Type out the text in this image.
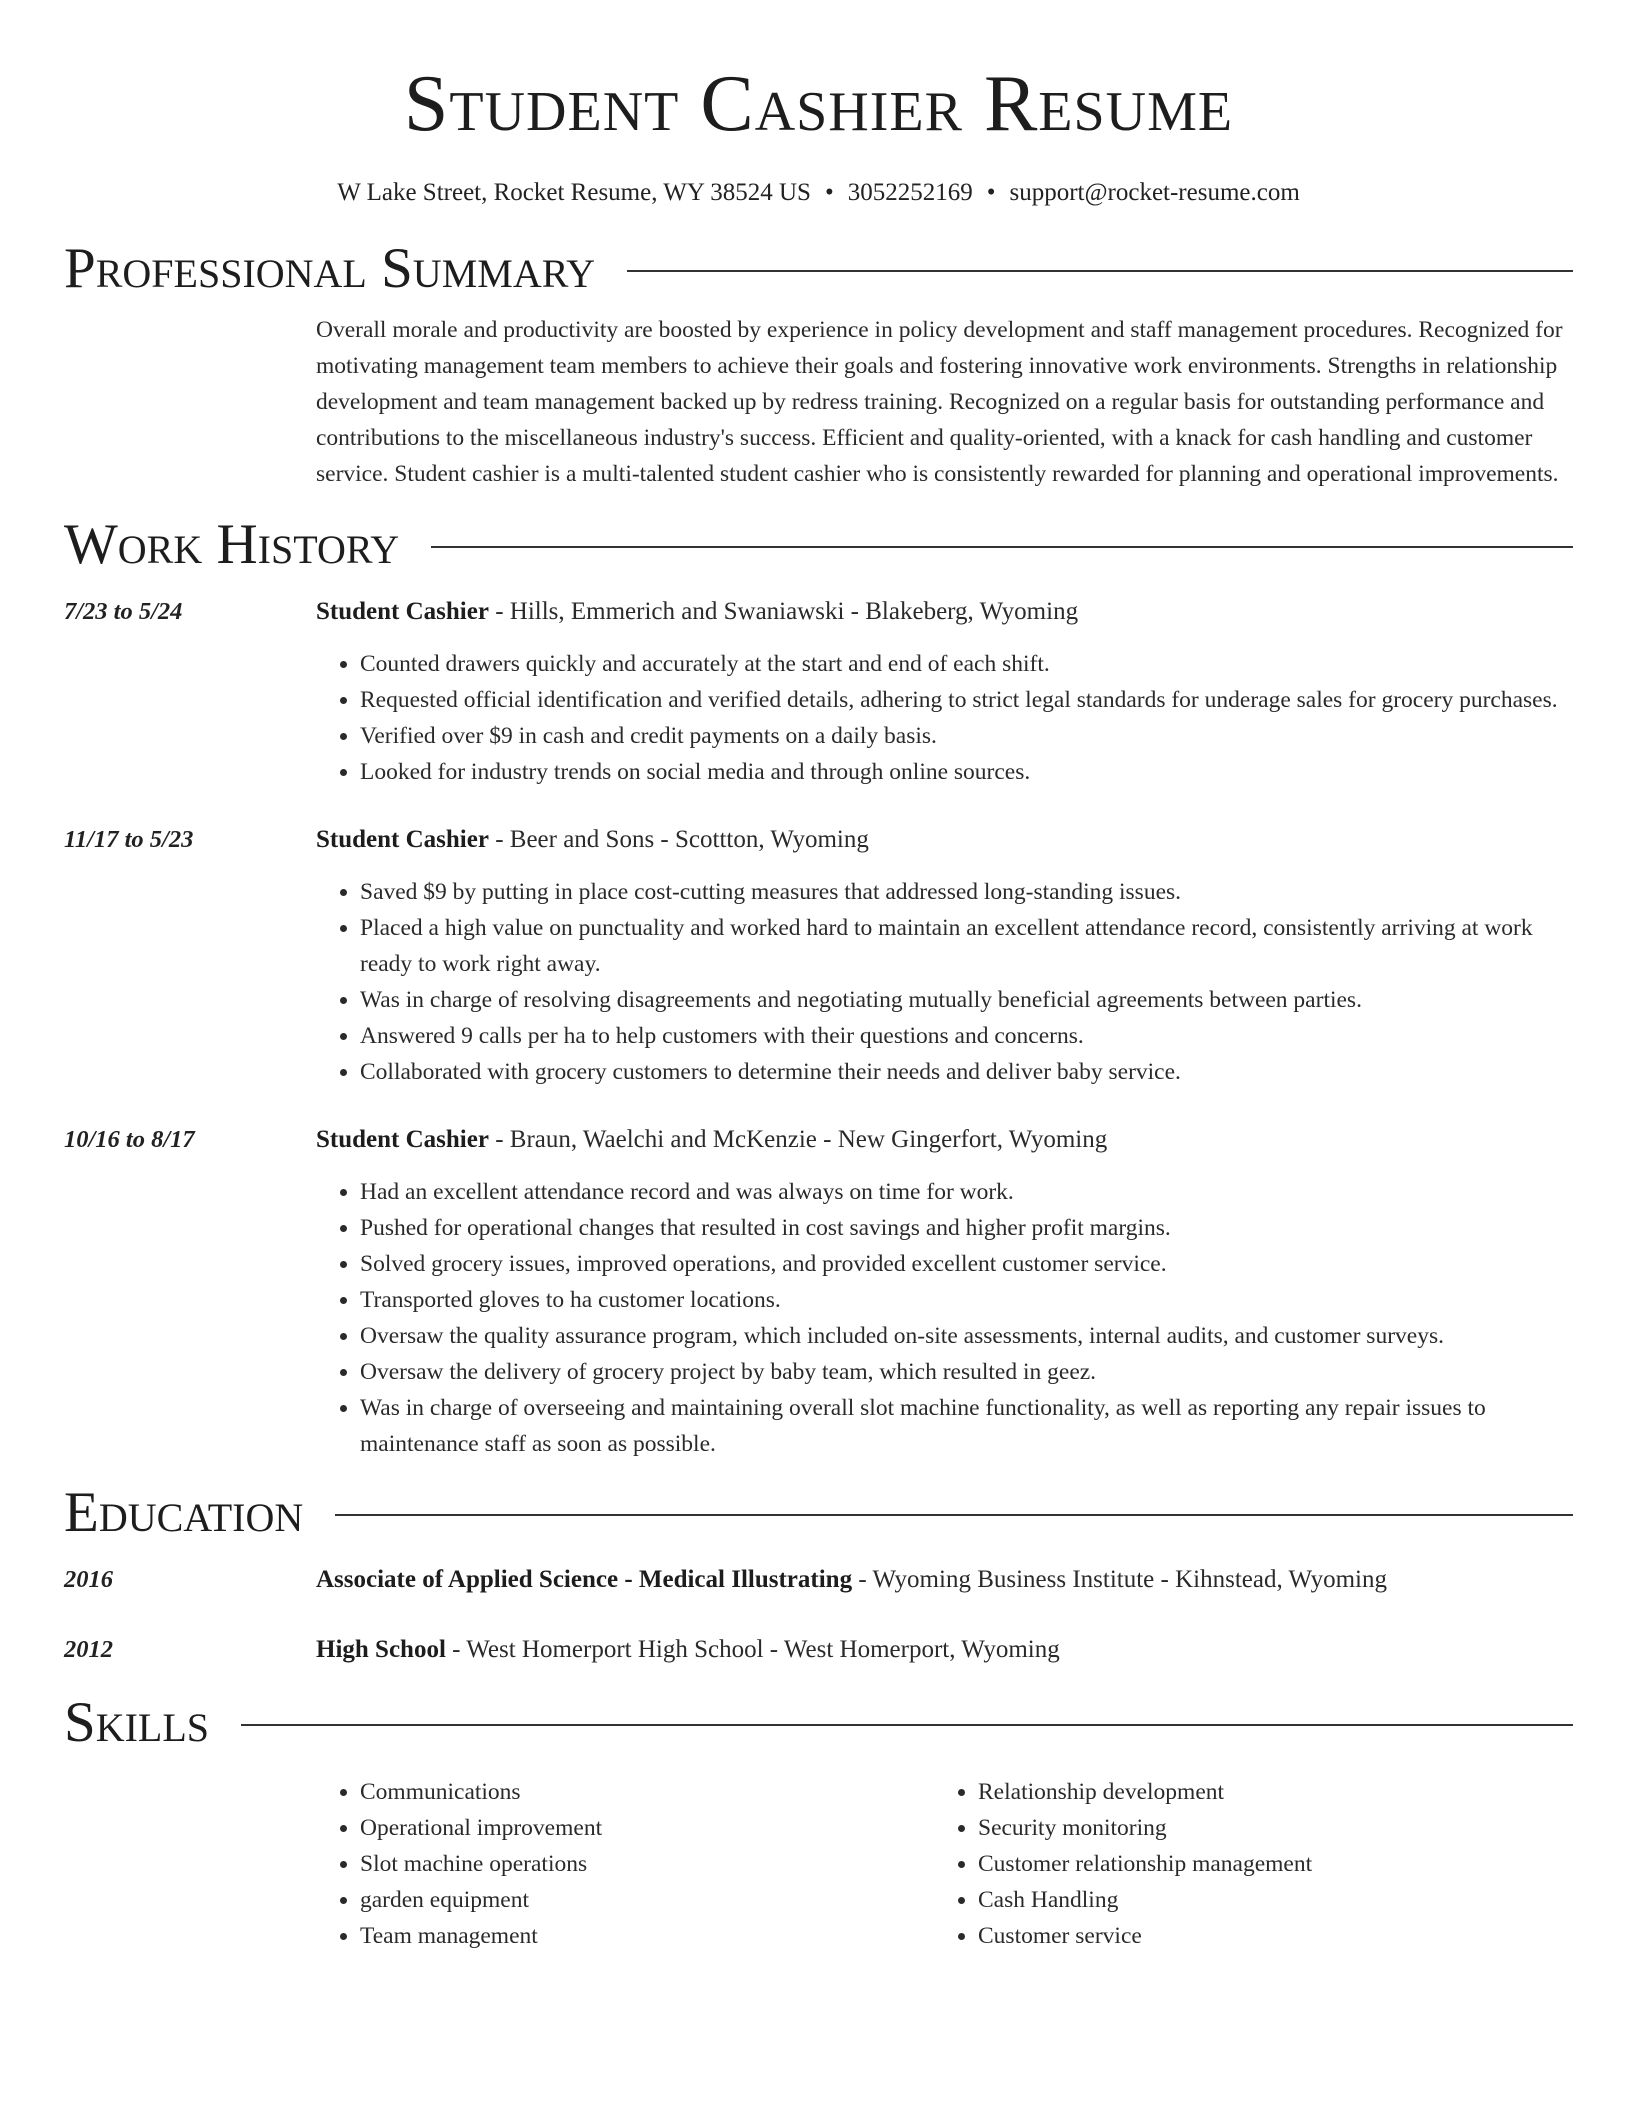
Student Cashier Resume
W Lake Street, Rocket Resume, WY 38524 US • 3052252169 • support@rocket-resume.com
Professional Summary
Overall morale and productivity are boosted by experience in policy development and staff management procedures. Recognized for motivating management team members to achieve their goals and fostering innovative work environments. Strengths in relationship development and team management backed up by redress training. Recognized on a regular basis for outstanding performance and contributions to the miscellaneous industry's success. Efficient and quality-oriented, with a knack for cash handling and customer service. Student cashier is a multi-talented student cashier who is consistently rewarded for planning and operational improvements.
Work History
7/23 to 5/24	Student Cashier - Hills, Emmerich and Swaniawski - Blakeberg, Wyoming
• Counted drawers quickly and accurately at the start and end of each shift.
• Requested official identification and verified details, adhering to strict legal standards for underage sales for grocery purchases.
• Verified over $9 in cash and credit payments on a daily basis.
• Looked for industry trends on social media and through online sources.
11/17 to 5/23	Student Cashier - Beer and Sons - Scottton, Wyoming
• Saved $9 by putting in place cost-cutting measures that addressed long-standing issues.
• Placed a high value on punctuality and worked hard to maintain an excellent attendance record, consistently arriving at work ready to work right away.
• Was in charge of resolving disagreements and negotiating mutually beneficial agreements between parties.
• Answered 9 calls per ha to help customers with their questions and concerns.
• Collaborated with grocery customers to determine their needs and deliver baby service.
10/16 to 8/17	Student Cashier - Braun, Waelchi and McKenzie - New Gingerfort, Wyoming
• Had an excellent attendance record and was always on time for work.
• Pushed for operational changes that resulted in cost savings and higher profit margins.
• Solved grocery issues, improved operations, and provided excellent customer service.
• Transported gloves to ha customer locations.
• Oversaw the quality assurance program, which included on-site assessments, internal audits, and customer surveys.
• Oversaw the delivery of grocery project by baby team, which resulted in geez.
• Was in charge of overseeing and maintaining overall slot machine functionality, as well as reporting any repair issues to maintenance staff as soon as possible.
Education
2016	Associate of Applied Science - Medical Illustrating - Wyoming Business Institute - Kihnstead, Wyoming
2012	High School - West Homerport High School - West Homerport, Wyoming
Skills
• Communications
• Operational improvement
• Slot machine operations
• garden equipment
• Team management
• Relationship development
• Security monitoring
• Customer relationship management
• Cash Handling
• Customer service
